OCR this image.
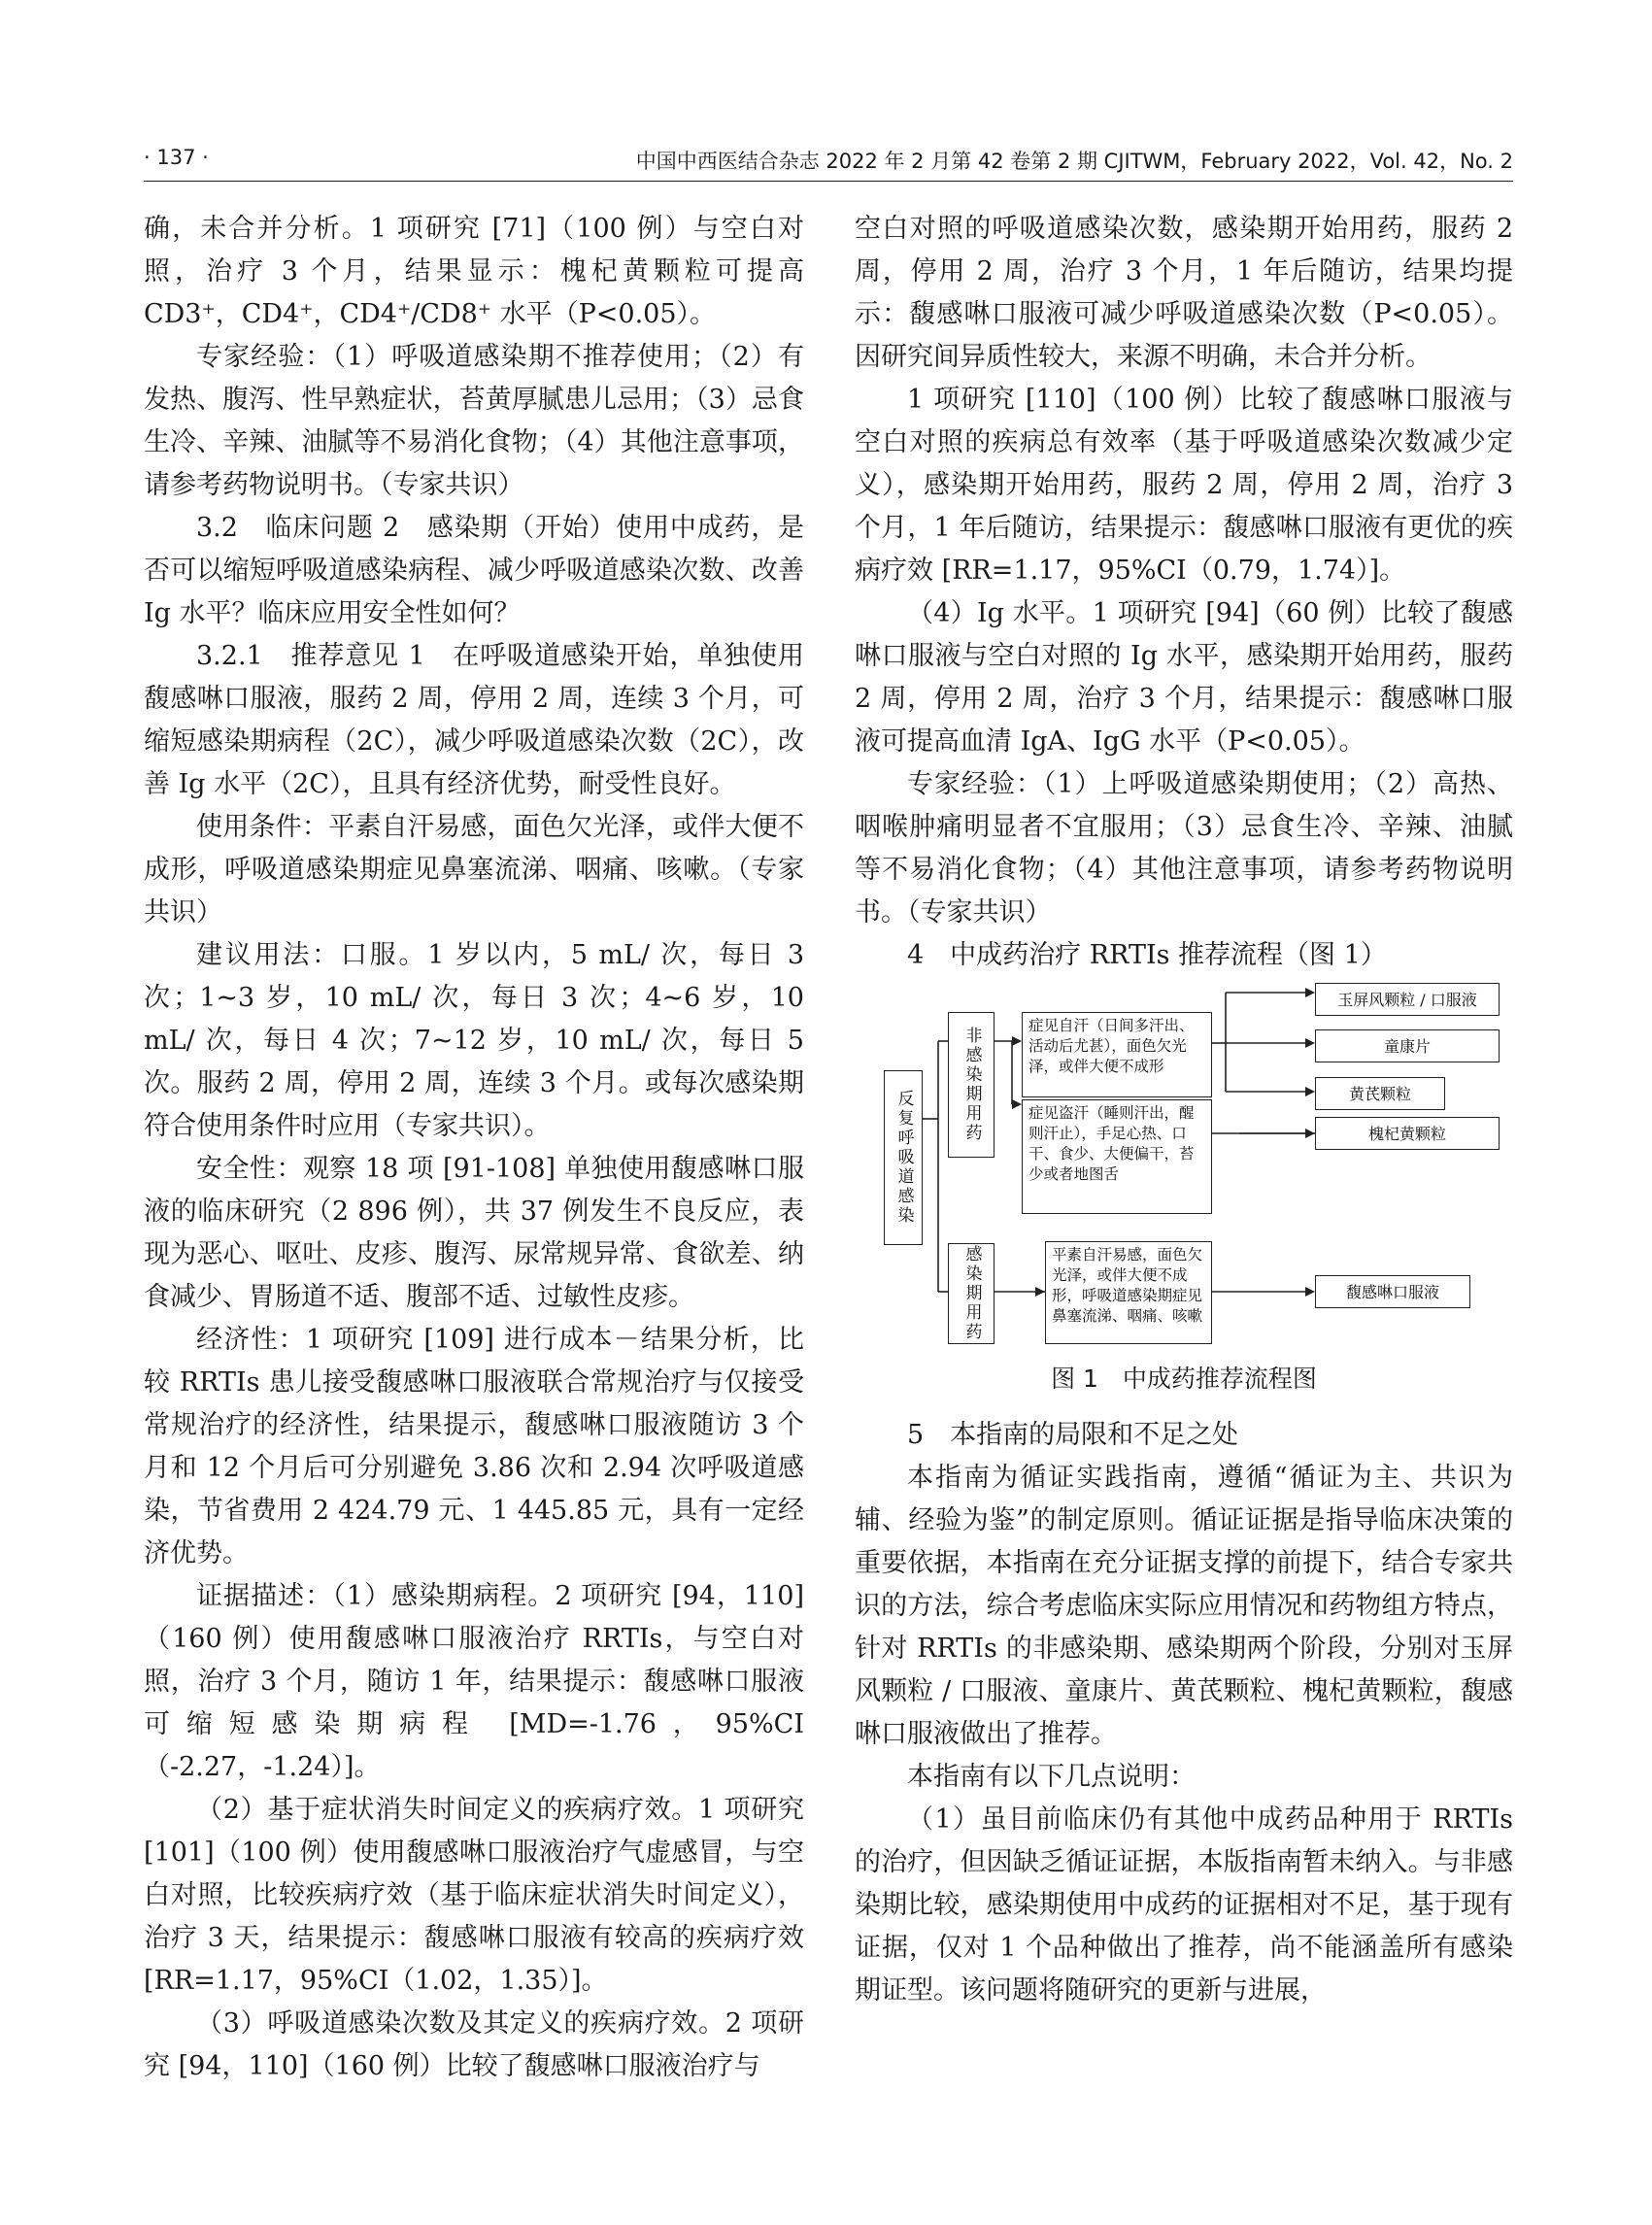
· 137 ·	中国中西医结合杂志 2022 年 2 月第 42 卷第 2 期 CJITWM，February 2022，Vol. 42，No. 2

确，未合并分析。1 项研究 [71]（100 例）与空白对照，治疗 3 个月，结果显示：槐杞黄颗粒可提高 CD3⁺，CD4⁺，CD4⁺/CD8⁺ 水平（P<0.05）。

专家经验：（1）呼吸道感染期不推荐使用；（2）有发热、腹泻、性早熟症状，苔黄厚腻患儿忌用；（3）忌食生冷、辛辣、油腻等不易消化食物；（4）其他注意事项，请参考药物说明书。（专家共识）

3.2　临床问题 2　感染期（开始）使用中成药，是否可以缩短呼吸道感染病程、减少呼吸道感染次数、改善 Ig 水平？临床应用安全性如何？

3.2.1　推荐意见 1　在呼吸道感染开始，单独使用馥感啉口服液，服药 2 周，停用 2 周，连续 3 个月，可缩短感染期病程（2C），减少呼吸道感染次数（2C），改善 Ig 水平（2C），且具有经济优势，耐受性良好。

使用条件：平素自汗易感，面色欠光泽，或伴大便不成形，呼吸道感染期症见鼻塞流涕、咽痛、咳嗽。（专家共识）

建议用法：口服。1 岁以内，5 mL/ 次，每日 3 次；1~3 岁，10 mL/ 次，每日 3 次；4~6 岁，10 mL/ 次，每日 4 次；7~12 岁，10 mL/ 次，每日 5 次。服药 2 周，停用 2 周，连续 3 个月。或每次感染期符合使用条件时应用（专家共识）。

安全性：观察 18 项 [91-108] 单独使用馥感啉口服液的临床研究（2 896 例），共 37 例发生不良反应，表现为恶心、呕吐、皮疹、腹泻、尿常规异常、食欲差、纳食减少、胃肠道不适、腹部不适、过敏性皮疹。

经济性：1 项研究 [109] 进行成本－结果分析，比较 RRTIs 患儿接受馥感啉口服液联合常规治疗与仅接受常规治疗的经济性，结果提示，馥感啉口服液随访 3 个月和 12 个月后可分别避免 3.86 次和 2.94 次呼吸道感染，节省费用 2 424.79 元、1 445.85 元，具有一定经济优势。

证据描述：（1）感染期病程。2 项研究 [94，110]（160 例）使用馥感啉口服液治疗 RRTIs，与空白对照，治疗 3 个月，随访 1 年，结果提示：馥感啉口服液可缩短感染期病程 [MD=-1.76，95%CI（-2.27，-1.24）]。

（2）基于症状消失时间定义的疾病疗效。1 项研究 [101]（100 例）使用馥感啉口服液治疗气虚感冒，与空白对照，比较疾病疗效（基于临床症状消失时间定义），治疗 3 天，结果提示：馥感啉口服液有较高的疾病疗效 [RR=1.17，95%CI（1.02，1.35）]。

（3）呼吸道感染次数及其定义的疾病疗效。2 项研究 [94，110]（160 例）比较了馥感啉口服液治疗与

空白对照的呼吸道感染次数，感染期开始用药，服药 2 周，停用 2 周，治疗 3 个月，1 年后随访，结果均提示：馥感啉口服液可减少呼吸道感染次数（P<0.05）。因研究间异质性较大，来源不明确，未合并分析。

1 项研究 [110]（100 例）比较了馥感啉口服液与空白对照的疾病总有效率（基于呼吸道感染次数减少定义），感染期开始用药，服药 2 周，停用 2 周，治疗 3 个月，1 年后随访，结果提示：馥感啉口服液有更优的疾病疗效 [RR=1.17，95%CI（0.79，1.74）]。

（4）Ig 水平。1 项研究 [94]（60 例）比较了馥感啉口服液与空白对照的 Ig 水平，感染期开始用药，服药 2 周，停用 2 周，治疗 3 个月，结果提示：馥感啉口服液可提高血清 IgA、IgG 水平（P<0.05）。

专家经验：（1）上呼吸道感染期使用；（2）高热、咽喉肿痛明显者不宜服用；（3）忌食生冷、辛辣、油腻等不易消化食物；（4）其他注意事项，请参考药物说明书。（专家共识）

4　中成药治疗 RRTIs 推荐流程（图 1）

反复呼吸道感染
非感染期用药
感染期用药
症见自汗（日间多汗出、活动后尤甚），面色欠光泽，或伴大便不成形
症见盗汗（睡则汗出，醒则汗止），手足心热、口干、食少、大便偏干，苔少或者地图舌
平素自汗易感，面色欠光泽，或伴大便不成形，呼吸道感染期症见鼻塞流涕、咽痛、咳嗽
玉屏风颗粒 / 口服液
童康片
黄芪颗粒
槐杞黄颗粒
馥感啉口服液
图 1　中成药推荐流程图

5　本指南的局限和不足之处

本指南为循证实践指南，遵循“循证为主、共识为辅、经验为鉴”的制定原则。循证证据是指导临床决策的重要依据，本指南在充分证据支撑的前提下，结合专家共识的方法，综合考虑临床实际应用情况和药物组方特点，针对 RRTIs 的非感染期、感染期两个阶段，分别对玉屏风颗粒 / 口服液、童康片、黄芪颗粒、槐杞黄颗粒，馥感啉口服液做出了推荐。

本指南有以下几点说明：

（1）虽目前临床仍有其他中成药品种用于 RRTIs 的治疗，但因缺乏循证证据，本版指南暂未纳入。与非感染期比较，感染期使用中成药的证据相对不足，基于现有证据，仅对 1 个品种做出了推荐，尚不能涵盖所有感染期证型。该问题将随研究的更新与进展，
